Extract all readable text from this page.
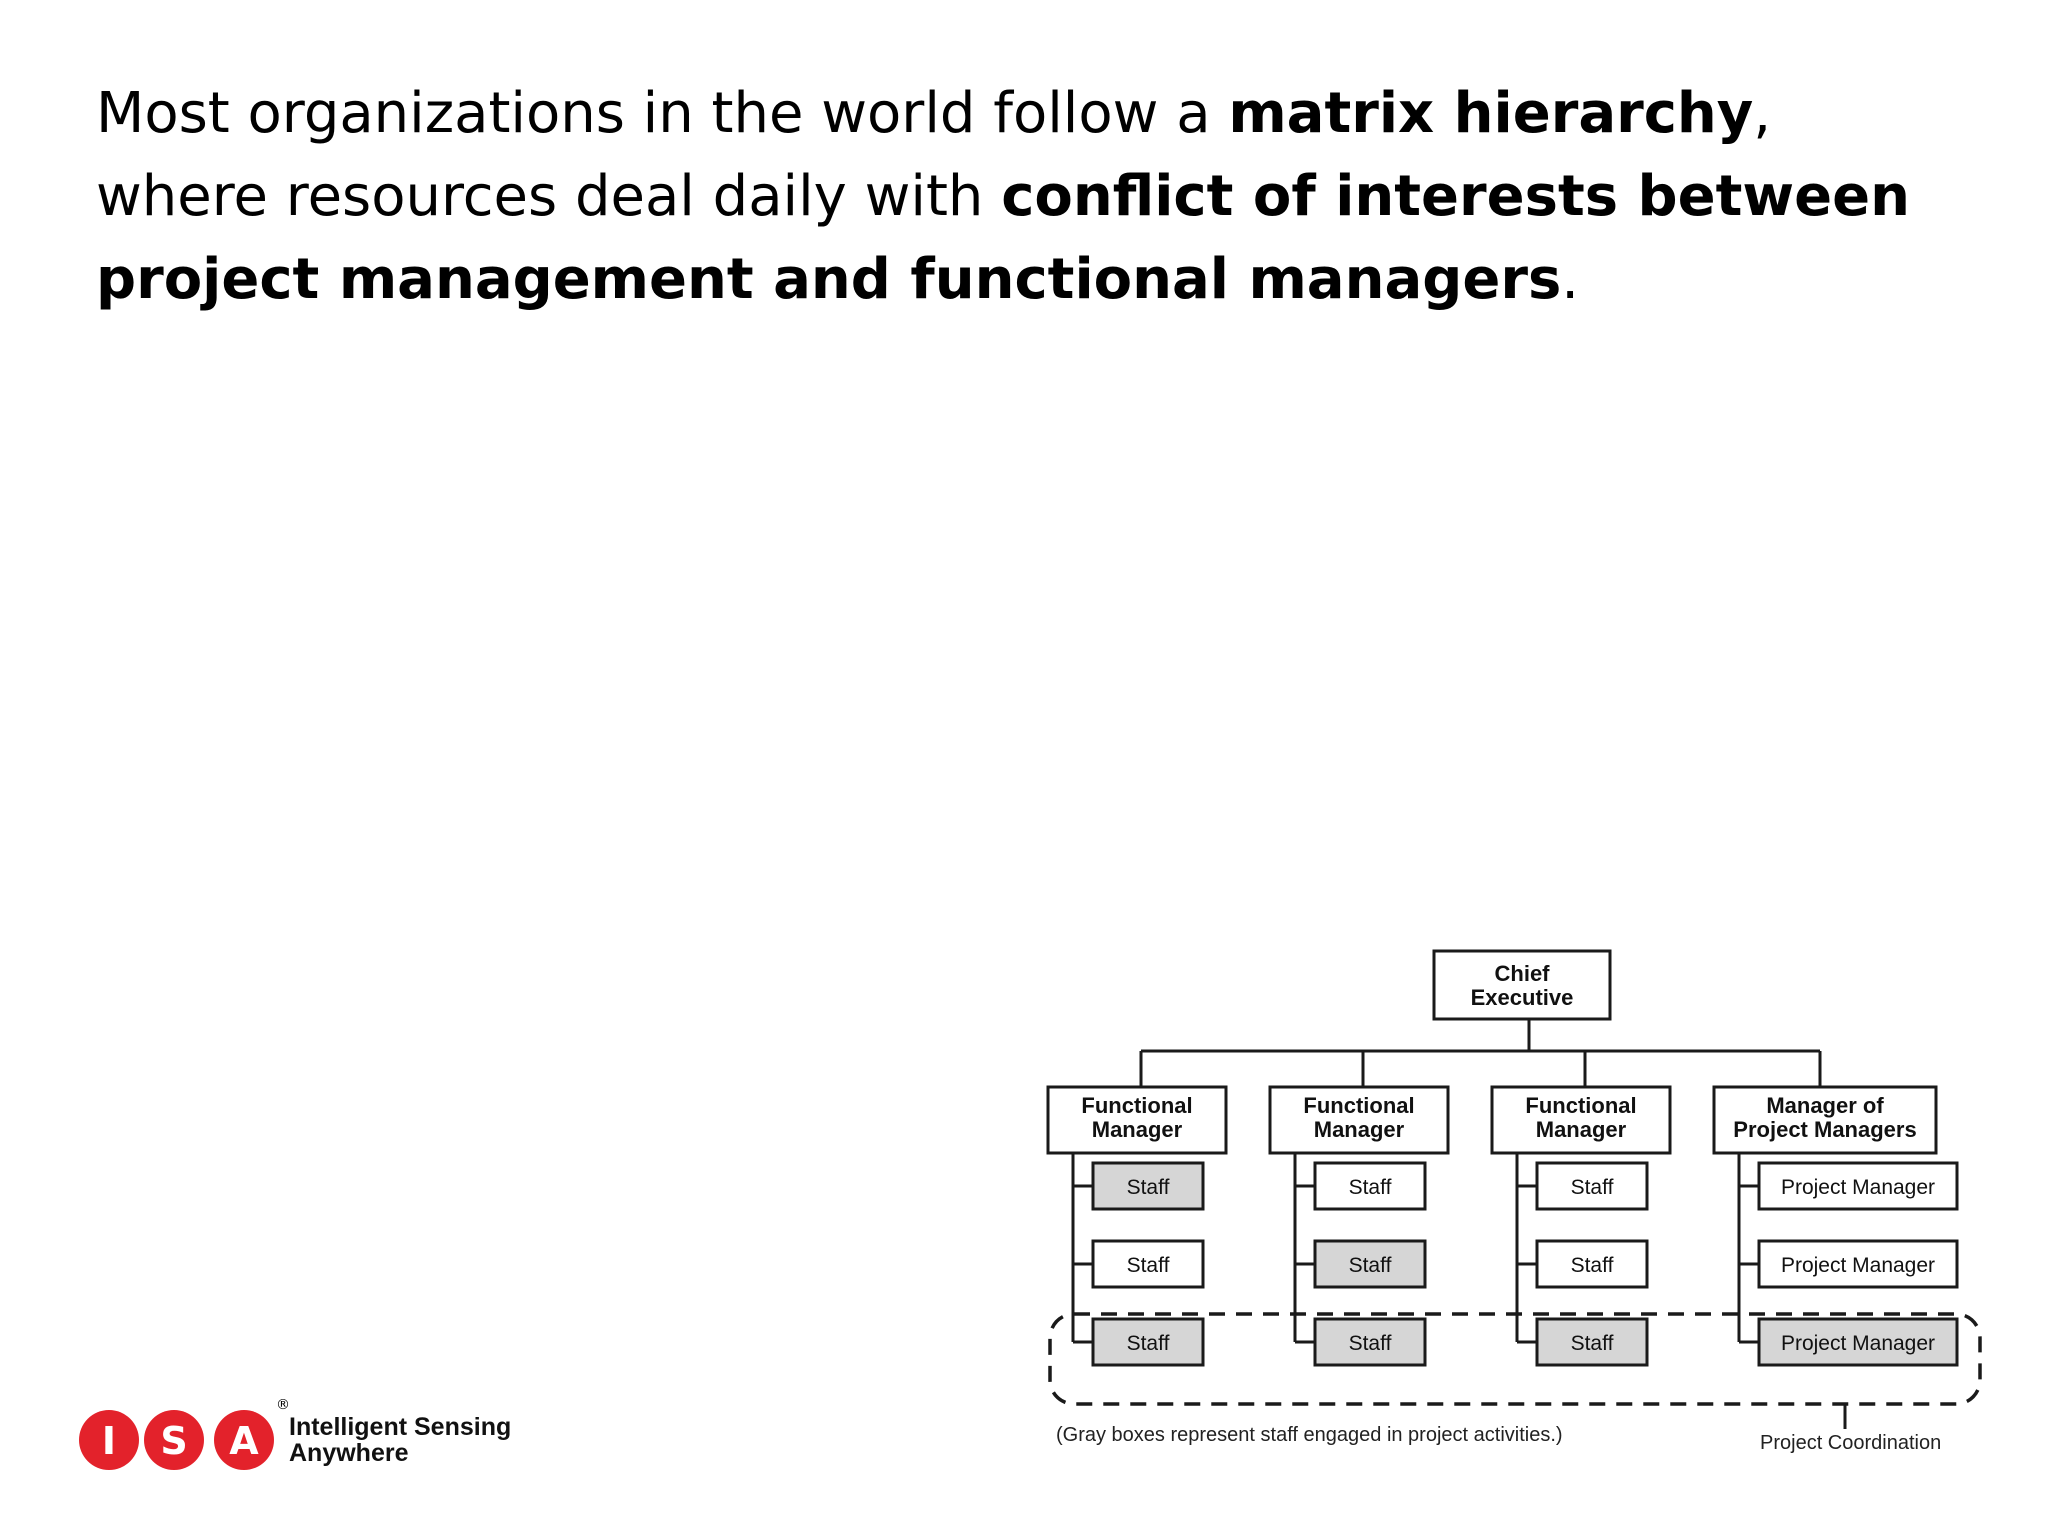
Most organizations in the world follow a matrix hierarchy,
where resources deal daily with conflict of interests between project management and functional managers.

I S A
®
Intelligent Sensing
Anywhere
Chief
Executive
Functional
Manager
Staff
Staff
Staff
Functional
Manager
Staff
Staff
Staff
Functional
Manager
Staff
Staff
Staff
Manager of
Project Managers
Project Manager
Project Manager
Project Manager
(Gray boxes represent staff engaged in project activities.)	Project Coordination
